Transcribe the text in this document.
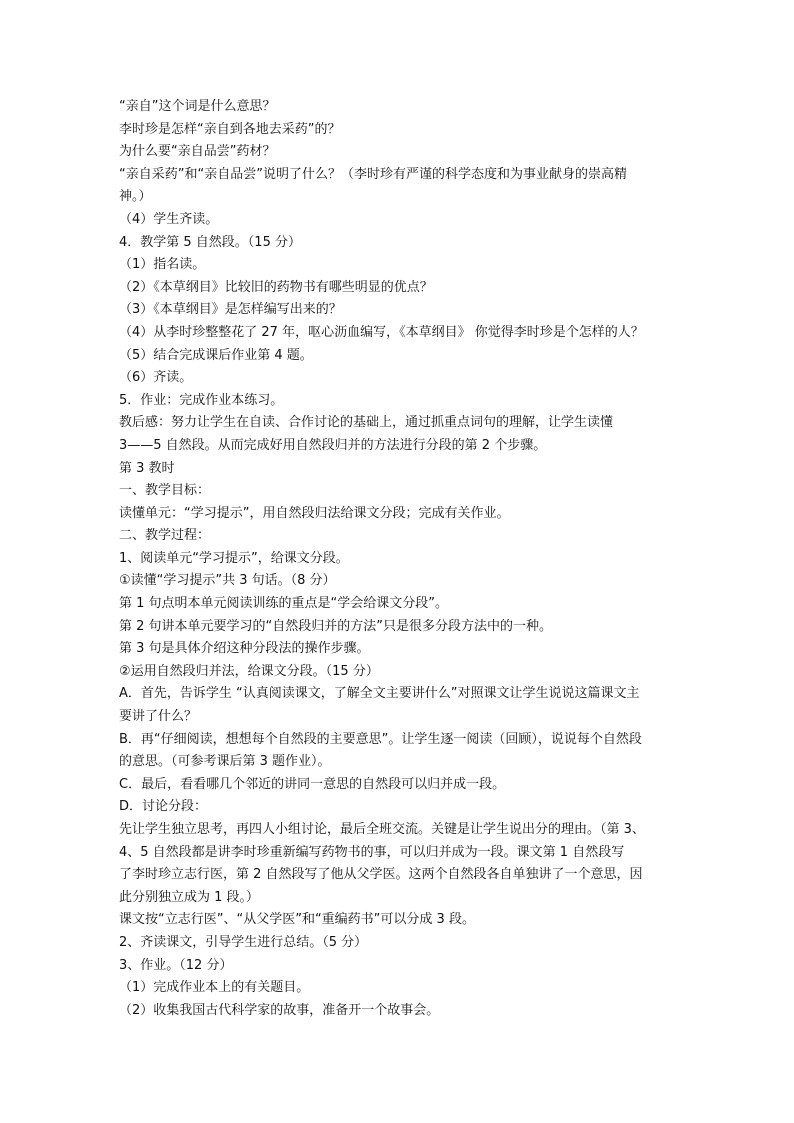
“亲自”这个词是什么意思？
李时珍是怎样“亲自到各地去采药”的？
为什么要“亲自品尝”药材？
“亲自采药”和“亲自品尝”说明了什么？（李时珍有严谨的科学态度和为事业献身的崇高精
神。）
（4）学生齐读。
4．教学第 5 自然段。（15 分）
（1）指名读。
（2）《本草纲目》比较旧的药物书有哪些明显的优点？
（3）《本草纲目》是怎样编写出来的？
（4）从李时珍整整花了 27 年，呕心沥血编写，《本草纲目》 你觉得李时珍是个怎样的人？
（5）结合完成课后作业第 4 题。
（6）齐读。
5．作业：完成作业本练习。
教后感：努力让学生在自读、合作讨论的基础上，通过抓重点词句的理解，让学生读懂
3——5 自然段。从而完成好用自然段归并的方法进行分段的第 2 个步骤。
第 3 教时
一、教学目标：
读懂单元：“学习提示”，用自然段归法给课文分段；完成有关作业。
二、教学过程：
1、阅读单元“学习提示”，给课文分段。
①读懂“学习提示”共 3 句话。（8 分）
第 1 句点明本单元阅读训练的重点是“学会给课文分段”。
第 2 句讲本单元要学习的“自然段归并的方法”只是很多分段方法中的一种。
第 3 句是具体介绍这种分段法的操作步骤。
②运用自然段归并法，给课文分段。（15 分）
A．首先，告诉学生 “认真阅读课文，了解全文主要讲什么”对照课文让学生说说这篇课文主
要讲了什么？
B．再“仔细阅读，想想每个自然段的主要意思”。让学生逐一阅读（回顾），说说每个自然段
的意思。（可参考课后第 3 题作业）。
C．最后，看看哪几个邻近的讲同一意思的自然段可以归并成一段。
D．讨论分段：
先让学生独立思考，再四人小组讨论，最后全班交流。关键是让学生说出分的理由。（第 3、
4、5 自然段都是讲李时珍重新编写药物书的事，可以归并成为一段。课文第 1 自然段写
了李时珍立志行医，第 2 自然段写了他从父学医。这两个自然段各自单独讲了一个意思，因
此分别独立成为 1 段。）
课文按“立志行医”、“从父学医”和“重编药书”可以分成 3 段。
2、齐读课文，引导学生进行总结。（5 分）
3、作业。（12 分）
（1）完成作业本上的有关题目。
（2）收集我国古代科学家的故事，准备开一个故事会。
